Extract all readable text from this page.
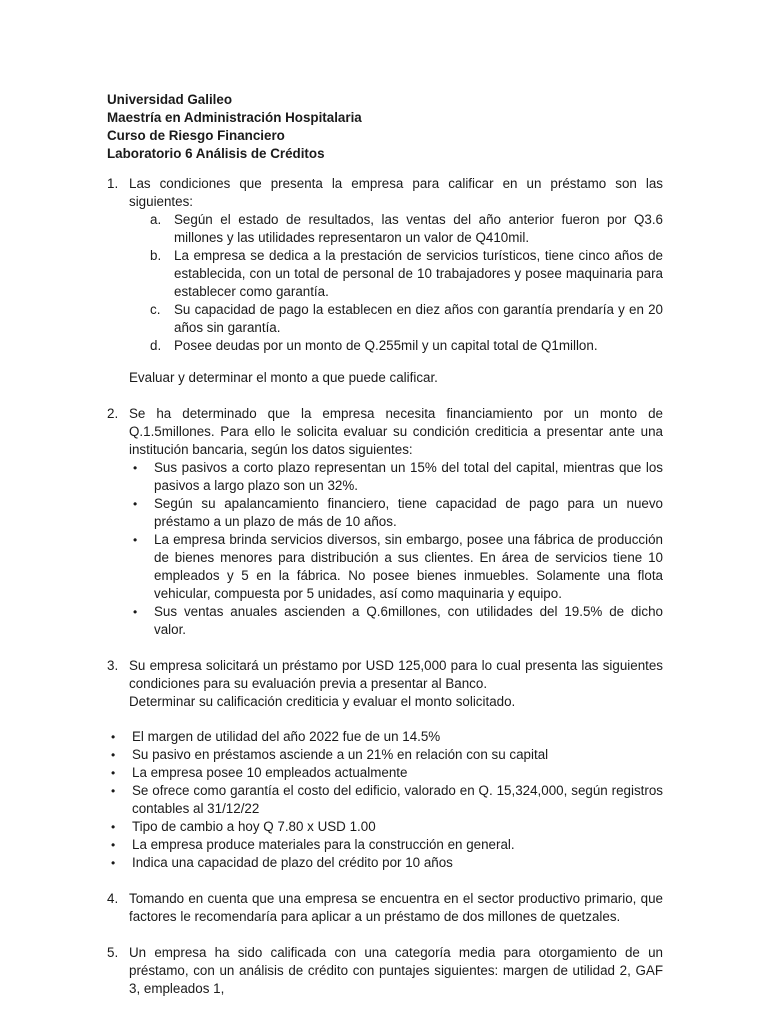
Universidad Galileo
Maestría en Administración Hospitalaria
Curso de Riesgo Financiero
Laboratorio 6 Análisis de Créditos
1. Las condiciones que presenta la empresa para calificar en un préstamo son las siguientes:
a. Según el estado de resultados, las ventas del año anterior fueron por Q3.6 millones y las utilidades representaron un valor de Q410mil.
b. La empresa se dedica a la prestación de servicios turísticos, tiene cinco años de establecida, con un total de personal de 10 trabajadores y posee maquinaria para establecer como garantía.
c. Su capacidad de pago la establecen en diez años con garantía prendaría y en 20 años sin garantía.
d. Posee deudas por un monto de Q.255mil y un capital total de Q1millon.
Evaluar y determinar el monto a que puede calificar.
2. Se ha determinado que la empresa necesita financiamiento por un monto de Q.1.5millones. Para ello le solicita evaluar su condición crediticia a presentar ante una institución bancaria, según los datos siguientes:
• Sus pasivos a corto plazo representan un 15% del total del capital, mientras que los pasivos a largo plazo son un 32%.
• Según su apalancamiento financiero, tiene capacidad de pago para un nuevo préstamo a un plazo de más de 10 años.
• La empresa brinda servicios diversos, sin embargo, posee una fábrica de producción de bienes menores para distribución a sus clientes. En área de servicios tiene 10 empleados y 5 en la fábrica. No posee bienes inmuebles. Solamente una flota vehicular, compuesta por 5 unidades, así como maquinaria y equipo.
• Sus ventas anuales ascienden a Q.6millones, con utilidades del 19.5% de dicho valor.
3. Su empresa solicitará un préstamo por USD 125,000 para lo cual presenta las siguientes condiciones para su evaluación previa a presentar al Banco.
Determinar su calificación crediticia y evaluar el monto solicitado.
• El margen de utilidad del año 2022 fue de un 14.5%
• Su pasivo en préstamos asciende a un 21% en relación con su capital
• La empresa posee 10 empleados actualmente
• Se ofrece como garantía el costo del edificio, valorado en Q. 15,324,000, según registros contables al 31/12/22
• Tipo de cambio a hoy Q 7.80 x USD 1.00
• La empresa produce materiales para la construcción en general.
• Indica una capacidad de plazo del crédito por 10 años
4. Tomando en cuenta que una empresa se encuentra en el sector productivo primario, que factores le recomendaría para aplicar a un préstamo de dos millones de quetzales.
5. Un empresa ha sido calificada con una categoría media para otorgamiento de un préstamo, con un análisis de crédito con puntajes siguientes: margen de utilidad 2, GAF 3, empleados 1,
